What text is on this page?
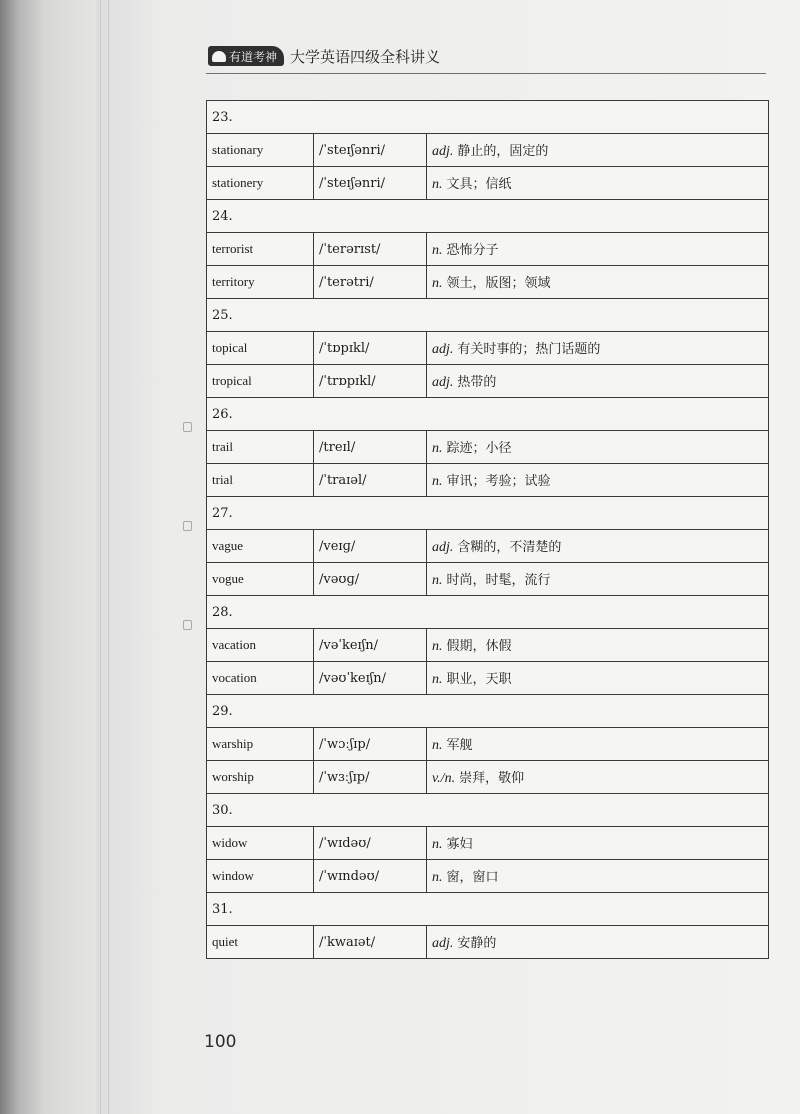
有道考神 大学英语四级全科讲义
23.		
stationary	/ˈsteɪʃənri/	adj. 静止的，固定的
stationery	/ˈsteɪʃənri/	n. 文具；信纸
24.		
terrorist	/ˈterərɪst/	n. 恐怖分子
territory	/ˈterətri/	n. 领土，版图；领域
25.		
topical	/ˈtɒpɪkl/	adj. 有关时事的；热门话题的
tropical	/ˈtrɒpɪkl/	adj. 热带的
26.		
trail	/treɪl/	n. 踪迹；小径
trial	/ˈtraɪəl/	n. 审讯；考验；试验
27.		
vague	/veɪɡ/	adj. 含糊的，不清楚的
vogue	/vəʊɡ/	n. 时尚，时髦，流行
28.		
vacation	/vəˈkeɪʃn/	n. 假期，休假
vocation	/vəʊˈkeɪʃn/	n. 职业，天职
29.		
warship	/ˈwɔːʃɪp/	n. 军舰
worship	/ˈwɜːʃɪp/	v./n. 崇拜，敬仰
30.		
widow	/ˈwɪdəʊ/	n. 寡妇
window	/ˈwɪndəʊ/	n. 窗，窗口
31.		
quiet	/ˈkwaɪət/	adj. 安静的
100
